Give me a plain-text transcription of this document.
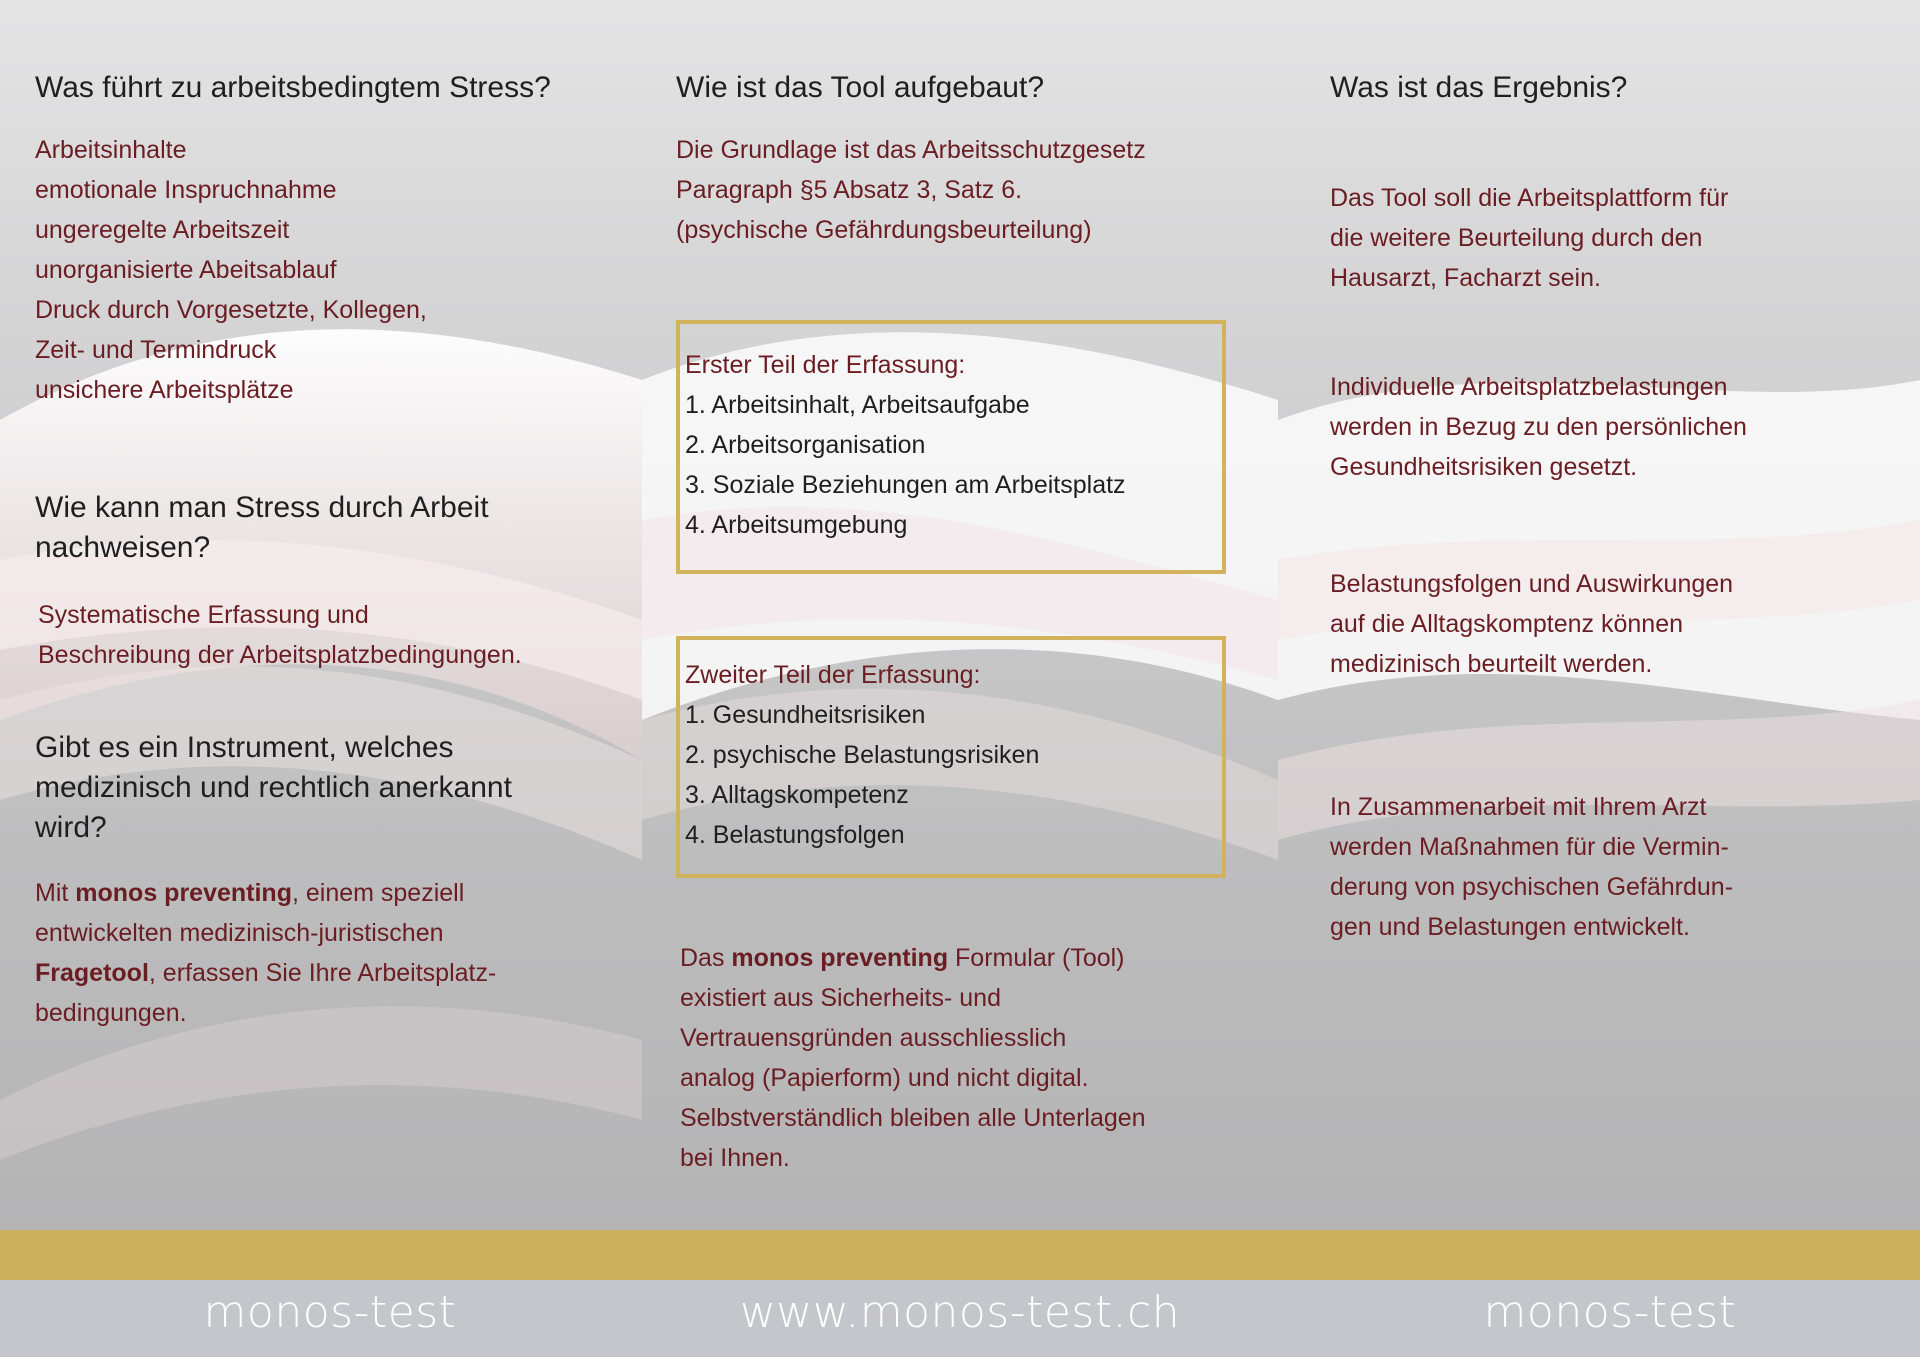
Was führt zu arbeitsbedingtem Stress?
Arbeitsinhalte
emotionale Inspruchnahme
ungeregelte Arbeitszeit
unorganisierte Abeitsablauf
Druck durch Vorgesetzte, Kollegen,
Zeit- und Termindruck
unsichere Arbeitsplätze
Wie kann man Stress durch Arbeit
nachweisen?
Systematische Erfassung und
Beschreibung der Arbeitsplatzbedingungen.
Gibt es ein Instrument, welches
medizinisch und rechtlich anerkannt
wird?
Mit monos preventing, einem speziell
entwickelten medizinisch-juristischen
Fragetool, erfassen Sie Ihre Arbeitsplatz-
bedingungen.
Wie ist das Tool aufgebaut?
Die Grundlage ist das Arbeitsschutzgesetz
Paragraph §5 Absatz 3, Satz 6.
(psychische Gefährdungsbeurteilung)
Erster Teil der Erfassung:
1. Arbeitsinhalt, Arbeitsaufgabe
2. Arbeitsorganisation
3. Soziale Beziehungen am Arbeitsplatz
4. Arbeitsumgebung
Zweiter Teil der Erfassung:
1. Gesundheitsrisiken
2. psychische Belastungsrisiken
3. Alltagskompetenz
4. Belastungsfolgen
Das monos preventing Formular (Tool)
existiert aus Sicherheits- und
Vertrauensgründen ausschliesslich
analog (Papierform) und nicht digital.
Selbstverständlich bleiben alle Unterlagen
bei Ihnen.
Was ist das Ergebnis?
Das Tool soll die Arbeitsplattform für
die weitere Beurteilung durch den
Hausarzt, Facharzt sein.
Individuelle Arbeitsplatzbelastungen
werden in Bezug zu den persönlichen
Gesundheitsrisiken gesetzt.
Belastungsfolgen und Auswirkungen
auf die Alltagskomptenz können
medizinisch beurteilt werden.
In Zusammenarbeit mit Ihrem Arzt
werden Maßnahmen für die Vermin-
derung von psychischen Gefährdun-
gen und Belastungen entwickelt.
monos-test	www.monos-test.ch	monos-test
